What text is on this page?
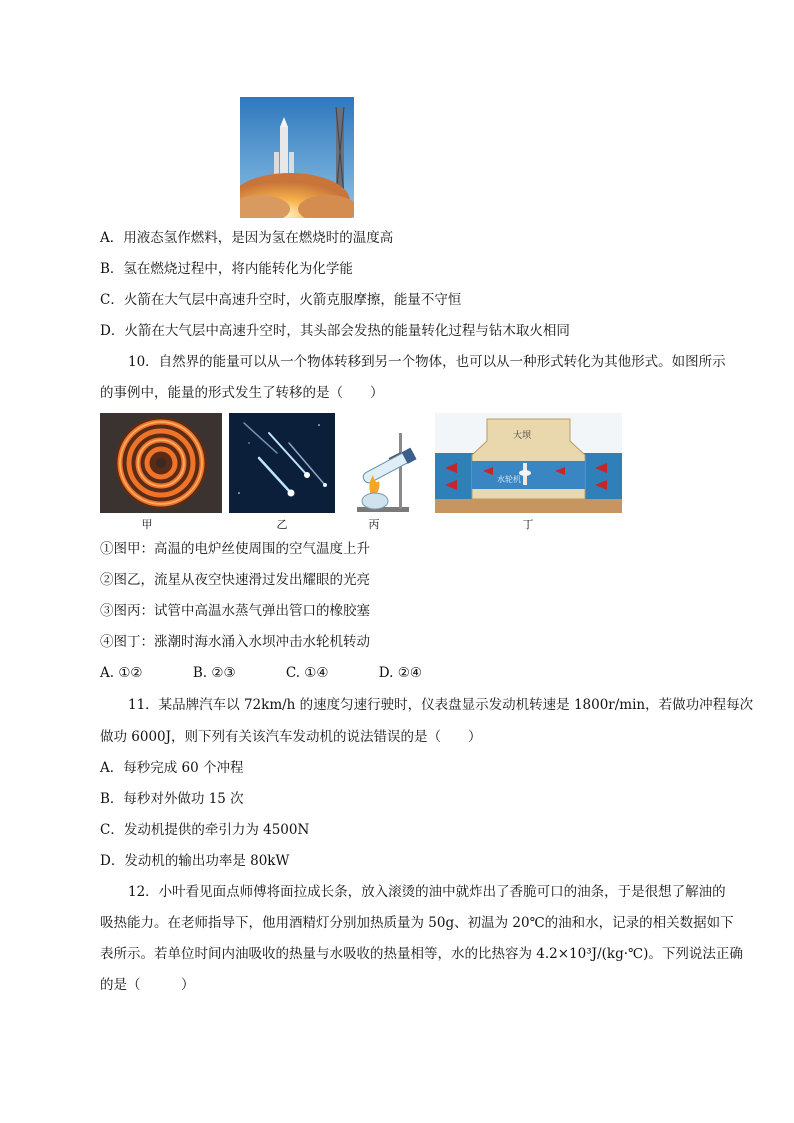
A．用液态氢作燃料，是因为氢在燃烧时的温度高
B．氢在燃烧过程中，将内能转化为化学能
C．火箭在大气层中高速升空时，火箭克服摩擦，能量不守恒
D．火箭在大气层中高速升空时，其头部会发热的能量转化过程与钻木取火相同
10．自然界的能量可以从一个物体转移到另一个物体，也可以从一种形式转化为其他形式。如图所示
的事例中，能量的形式发生了转移的是（　　）
大坝
潮水进入
水轮机
甲	乙	丙	丁
①图甲：高温的电炉丝使周围的空气温度上升
②图乙，流星从夜空快速滑过发出耀眼的光亮
③图丙：试管中高温水蒸气弹出管口的橡胶塞
④图丁：涨潮时海水涌入水坝冲击水轮机转动
A. ①②	B. ②③	C. ①④	D. ②④
11．某品牌汽车以 72km/h 的速度匀速行驶时，仪表盘显示发动机转速是 1800r/min，若做功冲程每次
做功 6000J，则下列有关该汽车发动机的说法错误的是（　　）
A．每秒完成 60 个冲程
B．每秒对外做功 15 次
C．发动机提供的牵引力为 4500N
D．发动机的输出功率是 80kW
12．小叶看见面点师傅将面拉成长条，放入滚烫的油中就炸出了香脆可口的油条，于是很想了解油的
吸热能力。在老师指导下，他用酒精灯分别加热质量为 50g、初温为 20℃的油和水，记录的相关数据如下
表所示。若单位时间内油吸收的热量与水吸收的热量相等，水的比热容为 4.2×10³J/(kg·℃)。下列说法正确
的是（　　　）
